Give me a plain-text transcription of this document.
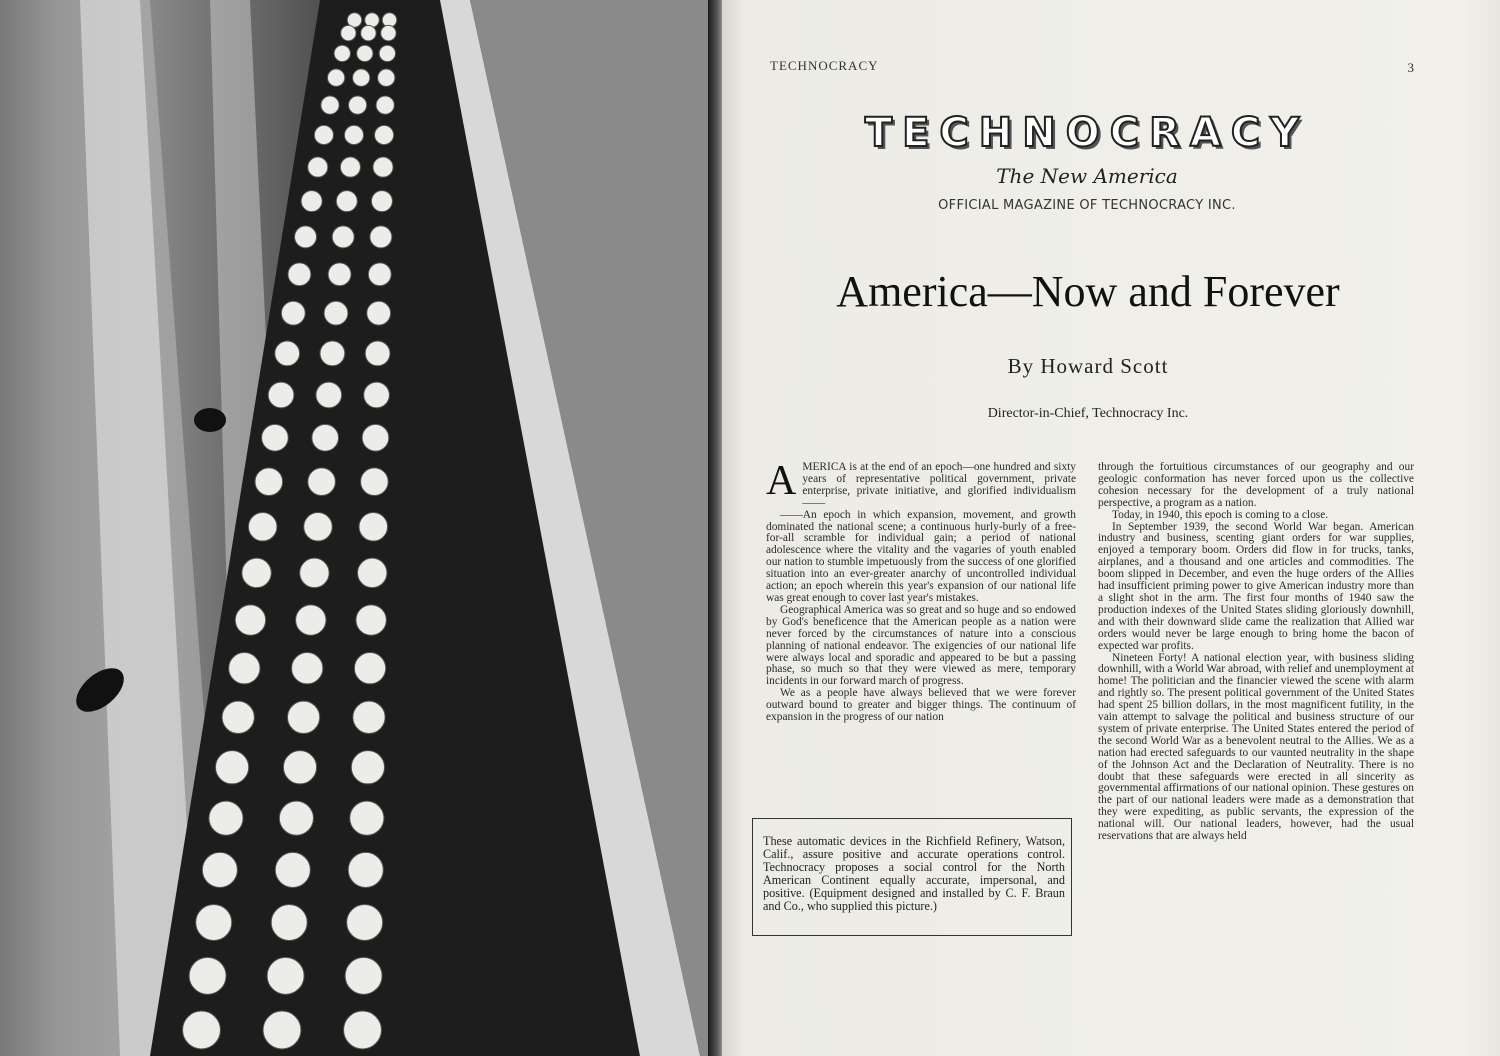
TECHNOCRACY	3
TECHNOCRACY
The New America
OFFICIAL MAGAZINE OF TECHNOCRACY INC.
America—Now and Forever
By Howard Scott
Director-in-Chief, Technocracy Inc.

AMERICA is at the end of an epoch—one hundred and sixty years of representative political government, private enterprise, private initiative, and glorified individualism——

——An epoch in which expansion, movement, and growth dominated the national scene; a continuous hurly-burly of a free-for-all scramble for individual gain; a period of national adolescence where the vitality and the vagaries of youth enabled our nation to stumble impetuously from the success of one glorified situation into an ever-greater anarchy of uncontrolled individual action; an epoch wherein this year's expansion of our national life was great enough to cover last year's mistakes.

Geographical America was so great and so huge and so endowed by God's beneficence that the American people as a nation were never forced by the circumstances of nature into a conscious planning of national endeavor. The exigencies of our national life were always local and sporadic and appeared to be but a passing phase, so much so that they were viewed as mere, temporary incidents in our forward march of progress.

We as a people have always believed that we were forever outward bound to greater and bigger things. The continuum of expansion in the progress of our nation

through the fortuitious circumstances of our geography and our geologic conformation has never forced upon us the collective cohesion necessary for the development of a truly national perspective, a program as a nation.

Today, in 1940, this epoch is coming to a close.

In September 1939, the second World War began. American industry and business, scenting giant orders for war supplies, enjoyed a temporary boom. Orders did flow in for trucks, tanks, airplanes, and a thousand and one articles and commodities. The boom slipped in December, and even the huge orders of the Allies had insufficient priming power to give American industry more than a slight shot in the arm. The first four months of 1940 saw the production indexes of the United States sliding gloriously downhill, and with their downward slide came the realization that Allied war orders would never be large enough to bring home the bacon of expected war profits.

Nineteen Forty! A national election year, with business sliding downhill, with a World War abroad, with relief and unemployment at home! The politician and the financier viewed the scene with alarm and rightly so. The present political government of the United States had spent 25 billion dollars, in the most magnificent futility, in the vain attempt to salvage the political and business structure of our system of private enterprise. The United States entered the period of the second World War as a benevolent neutral to the Allies. We as a nation had erected safeguards to our vaunted neutrality in the shape of the Johnson Act and the Declaration of Neutrality. There is no doubt that these safeguards were erected in all sincerity as governmental affirmations of our national opinion. These gestures on the part of our national leaders were made as a demonstration that they were expediting, as public servants, the expression of the national will. Our national leaders, however, had the usual reservations that are always held

These automatic devices in the Richfield Refinery, Watson, Calif., assure positive and accurate operations control. Technocracy proposes a social control for the North American Continent equally accurate, impersonal, and positive. (Equipment designed and installed by C. F. Braun and Co., who supplied this picture.)
